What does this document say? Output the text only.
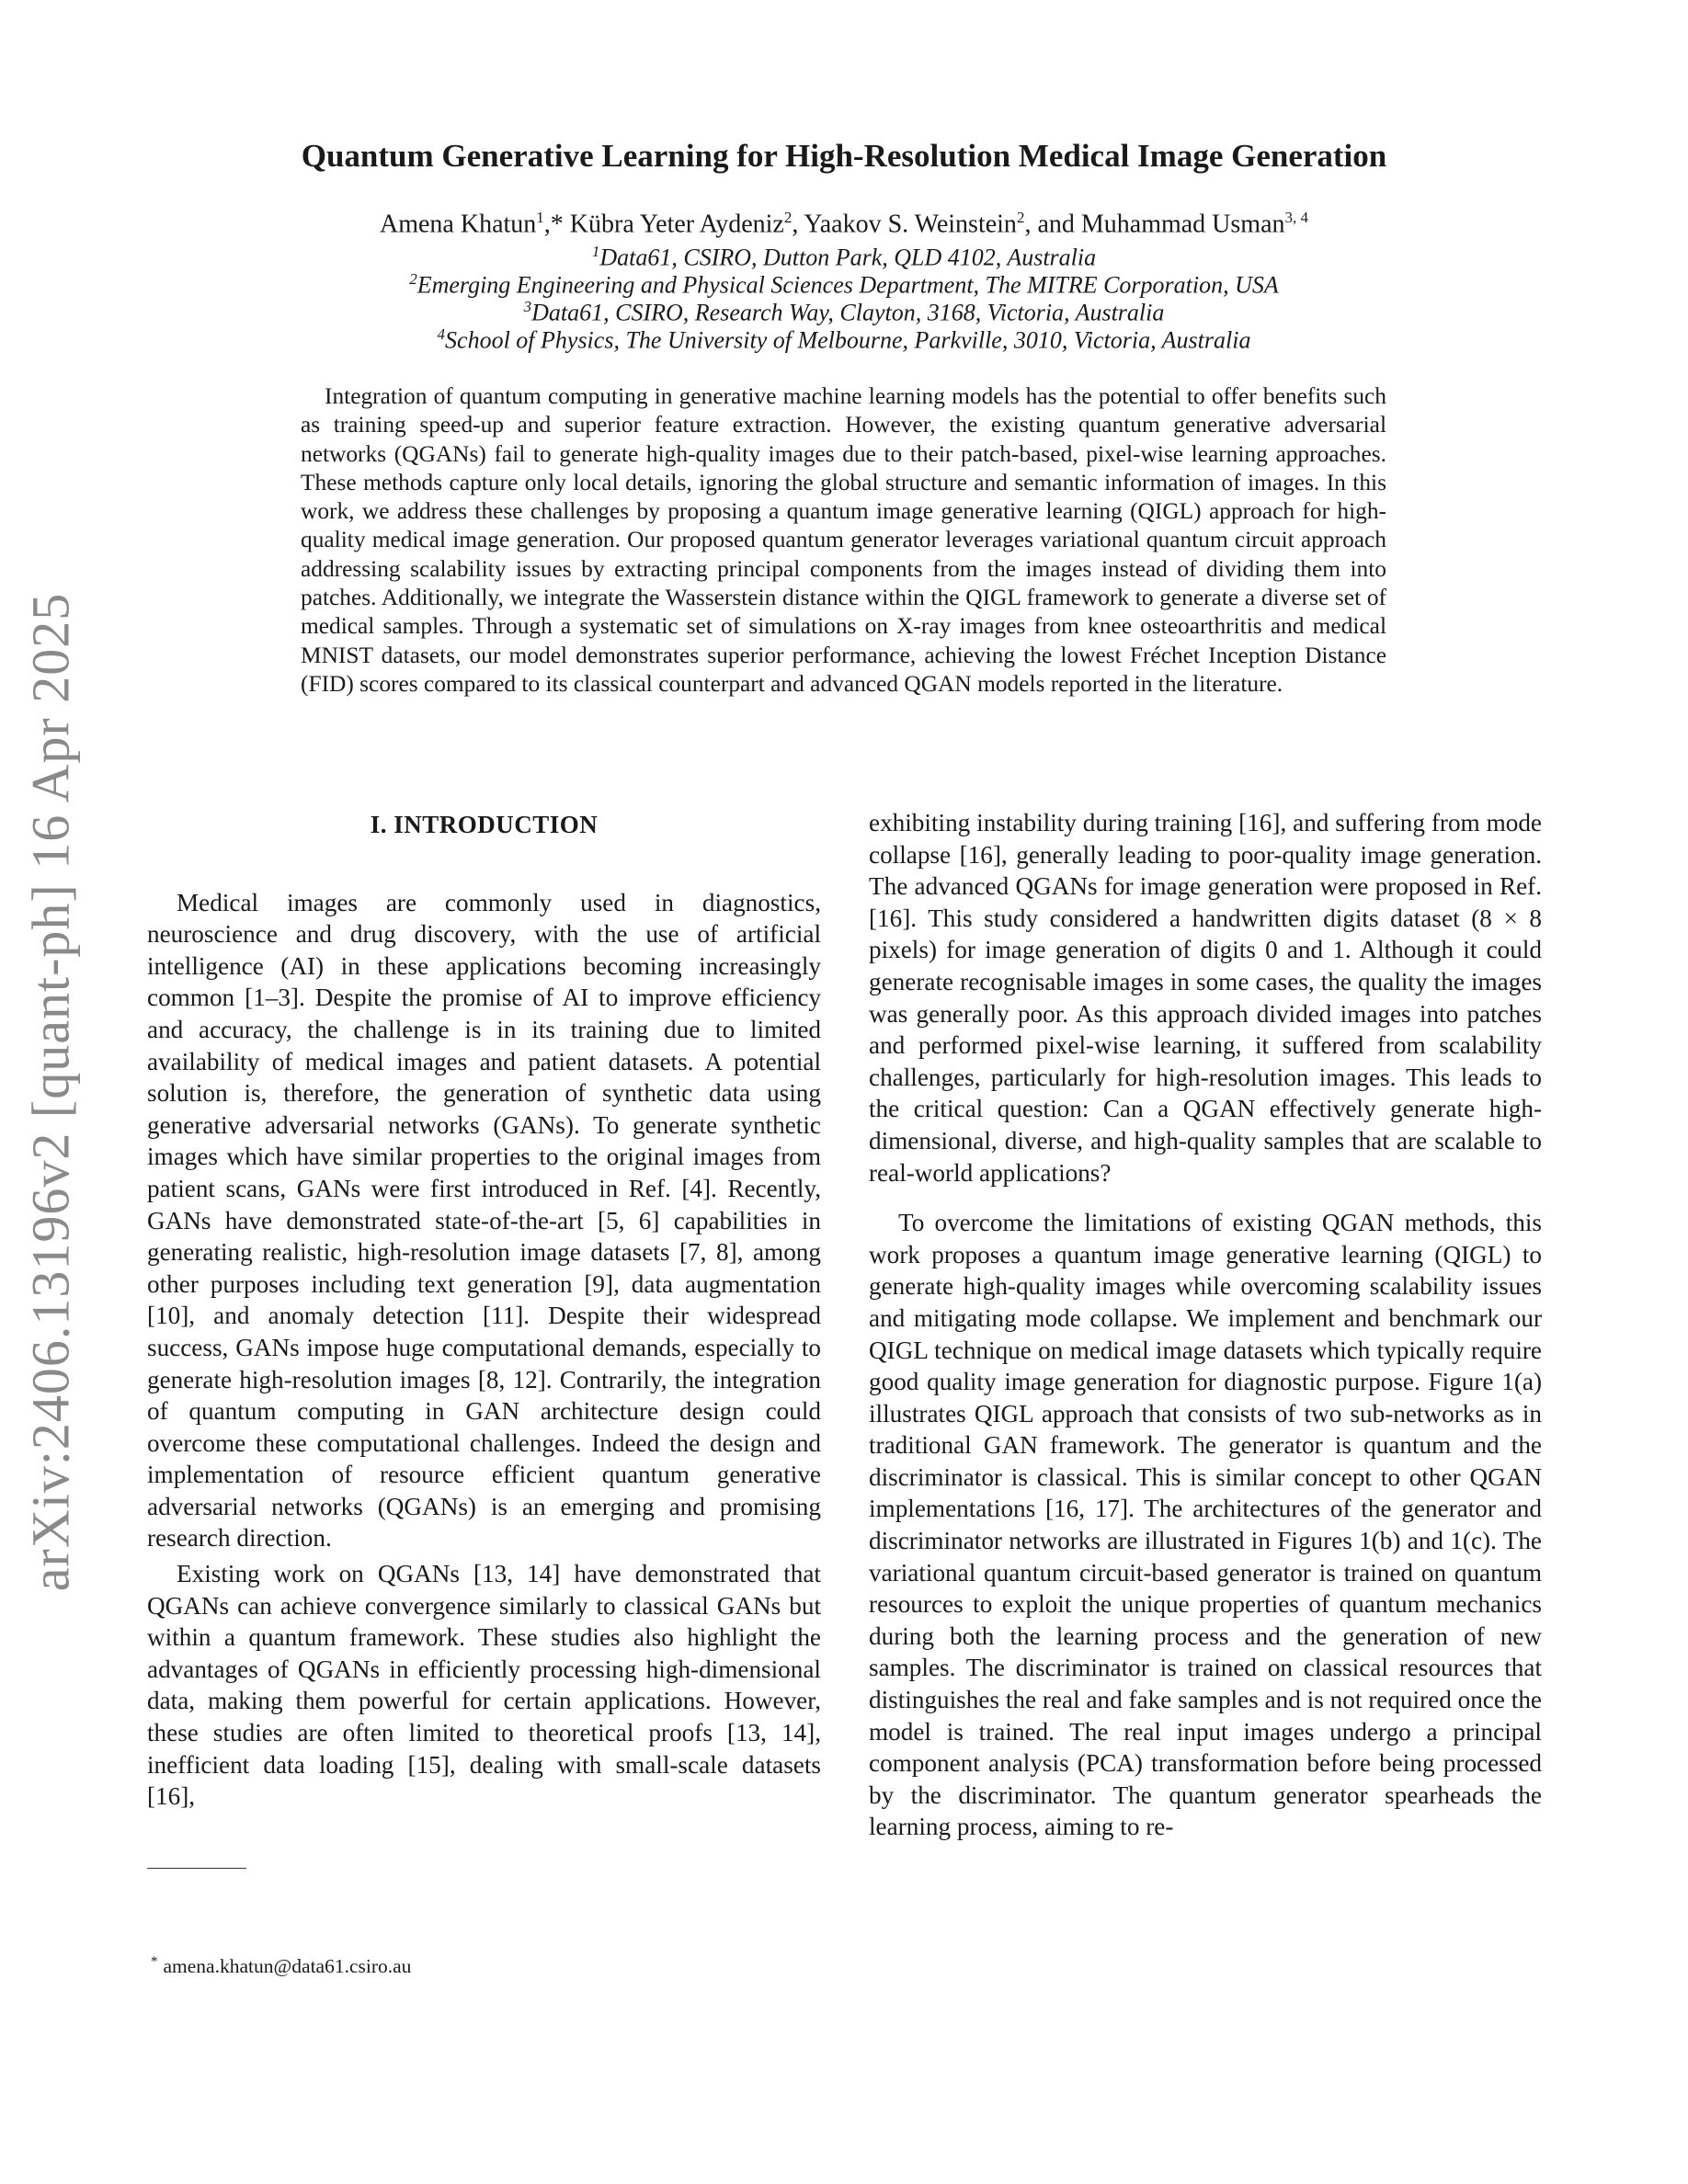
arXiv:2406.13196v2 [quant-ph] 16 Apr 2025
Quantum Generative Learning for High-Resolution Medical Image Generation
Amena Khatun$^1$,* Kübra Yeter Aydeniz$^2$, Yaakov S. Weinstein$^2$, and Muhammad Usman$^{3, 4}$
$^1$Data61, CSIRO, Dutton Park, QLD 4102, Australia
$^2$Emerging Engineering and Physical Sciences Department, The MITRE Corporation, USA
$^3$Data61, CSIRO, Research Way, Clayton, 3168, Victoria, Australia
$^4$School of Physics, The University of Melbourne, Parkville, 3010, Victoria, Australia
Integration of quantum computing in generative machine learning models has the potential to offer benefits such as training speed-up and superior feature extraction. However, the existing quantum generative adversarial networks (QGANs) fail to generate high-quality images due to their patch-based, pixel-wise learning approaches. These methods capture only local details, ignoring the global structure and semantic information of images. In this work, we address these challenges by proposing a quantum image generative learning (QIGL) approach for high-quality medical image generation. Our proposed quantum generator leverages variational quantum circuit approach addressing scalability issues by extracting principal components from the images instead of dividing them into patches. Additionally, we integrate the Wasserstein distance within the QIGL framework to generate a diverse set of medical samples. Through a systematic set of simulations on X-ray images from knee osteoarthritis and medical MNIST datasets, our model demonstrates superior performance, achieving the lowest Fréchet Inception Distance (FID) scores compared to its classical counterpart and advanced QGAN models reported in the literature.
I. INTRODUCTION

Medical images are commonly used in diagnostics, neuroscience and drug discovery, with the use of artificial intelligence (AI) in these applications becoming increasingly common [1–3]. Despite the promise of AI to improve efficiency and accuracy, the challenge is in its training due to limited availability of medical images and patient datasets. A potential solution is, therefore, the generation of synthetic data using generative adversarial networks (GANs). To generate synthetic images which have similar properties to the original images from patient scans, GANs were first introduced in Ref. [4]. Recently, GANs have demonstrated state-of-the-art [5, 6] capabilities in generating realistic, high-resolution image datasets [7, 8], among other purposes including text generation [9], data augmentation [10], and anomaly detection [11]. Despite their widespread success, GANs impose huge computational demands, especially to generate high-resolution images [8, 12]. Contrarily, the integration of quantum computing in GAN architecture design could overcome these computational challenges. Indeed the design and implementation of resource efficient quantum generative adversarial networks (QGANs) is an emerging and promising research direction.

Existing work on QGANs [13, 14] have demonstrated that QGANs can achieve convergence similarly to classical GANs but within a quantum framework. These studies also highlight the advantages of QGANs in efficiently processing high-dimensional data, making them powerful for certain applications. However, these studies are often limited to theoretical proofs [13, 14], inefficient data loading [15], dealing with small-scale datasets [16],

exhibiting instability during training [16], and suffering from mode collapse [16], generally leading to poor-quality image generation. The advanced QGANs for image generation were proposed in Ref. [16]. This study considered a handwritten digits dataset (8 × 8 pixels) for image generation of digits 0 and 1. Although it could generate recognisable images in some cases, the quality the images was generally poor. As this approach divided images into patches and performed pixel-wise learning, it suffered from scalability challenges, particularly for high-resolution images. This leads to the critical question: Can a QGAN effectively generate high-dimensional, diverse, and high-quality samples that are scalable to real-world applications?

To overcome the limitations of existing QGAN methods, this work proposes a quantum image generative learning (QIGL) to generate high-quality images while overcoming scalability issues and mitigating mode collapse. We implement and benchmark our QIGL technique on medical image datasets which typically require good quality image generation for diagnostic purpose. Figure 1(a) illustrates QIGL approach that consists of two sub-networks as in traditional GAN framework. The generator is quantum and the discriminator is classical. This is similar concept to other QGAN implementations [16, 17]. The architectures of the generator and discriminator networks are illustrated in Figures 1(b) and 1(c). The variational quantum circuit-based generator is trained on quantum resources to exploit the unique properties of quantum mechanics during both the learning process and the generation of new samples. The discriminator is trained on classical resources that distinguishes the real and fake samples and is not required once the model is trained. The real input images undergo a principal component analysis (PCA) transformation before being processed by the discriminator. The quantum generator spearheads the learning process, aiming to re-

* amena.khatun@data61.csiro.au
